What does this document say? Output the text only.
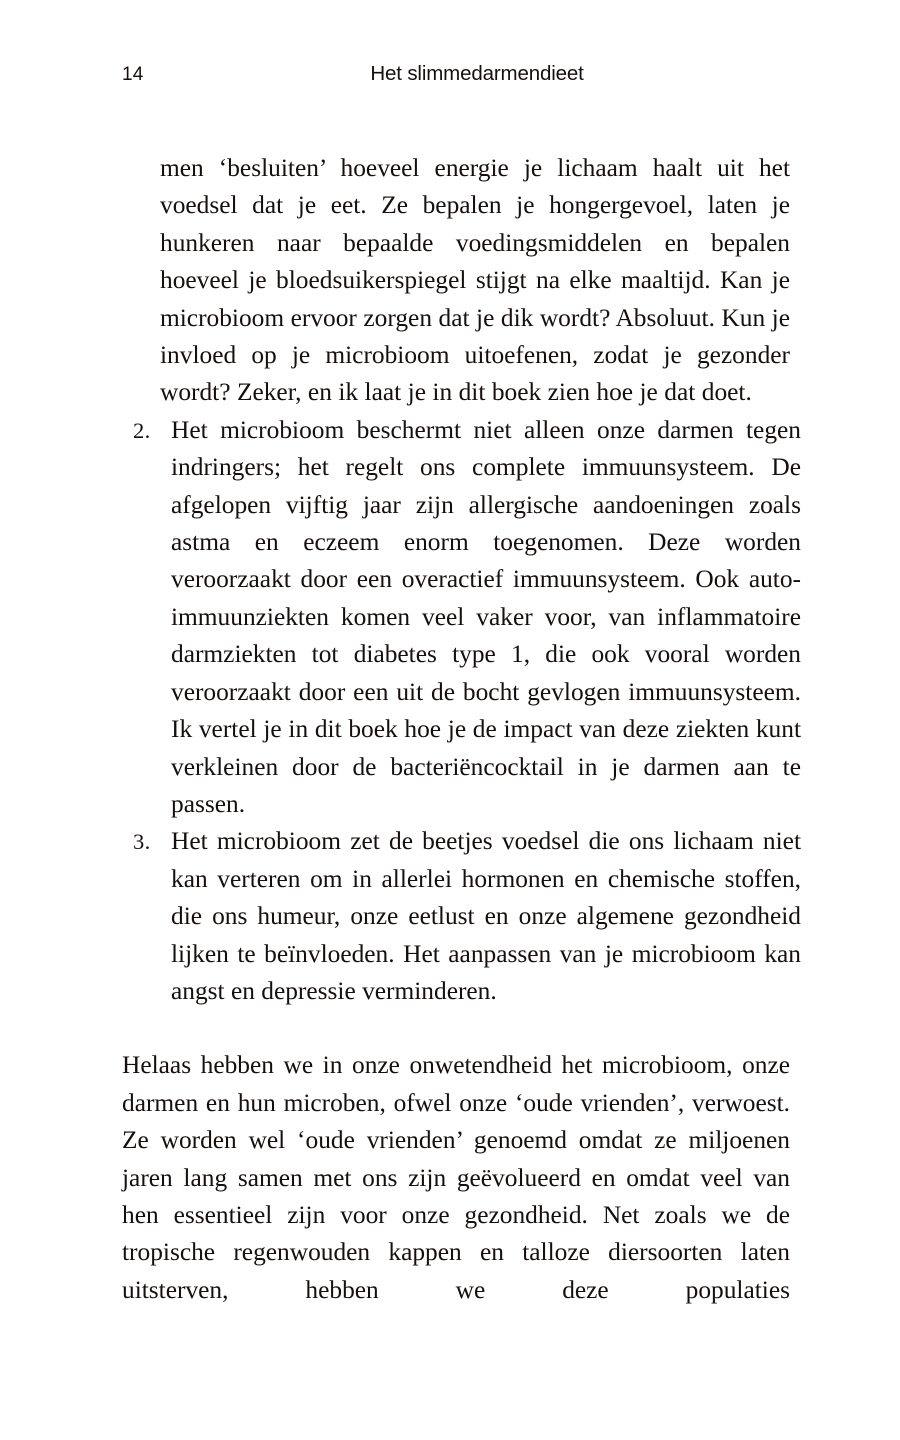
14	Het slimmedarmendieet

men ‘besluiten’ hoeveel energie je lichaam haalt uit het voedsel dat je eet. Ze bepalen je hongergevoel, laten je hunkeren naar bepaalde voedingsmiddelen en bepalen hoeveel je bloedsuikerspiegel stijgt na elke maaltijd. Kan je microbioom ervoor zorgen dat je dik wordt? Absoluut. Kun je invloed op je microbioom uitoefenen, zodat je gezonder wordt? Zeker, en ik laat je in dit boek zien hoe je dat doet.

2. Het microbioom beschermt niet alleen onze darmen tegen indringers; het regelt ons complete immuunsysteem. De afgelopen vijftig jaar zijn allergische aandoeningen zoals astma en eczeem enorm toegenomen. Deze worden veroorzaakt door een overactief immuunsysteem. Ook auto-immuunziekten komen veel vaker voor, van inflammatoire darmziekten tot diabetes type 1, die ook vooral worden veroorzaakt door een uit de bocht gevlogen immuunsysteem. Ik vertel je in dit boek hoe je de impact van deze ziekten kunt verkleinen door de bacteriëncocktail in je darmen aan te passen.
3. Het microbioom zet de beetjes voedsel die ons lichaam niet kan verteren om in allerlei hormonen en chemische stoffen, die ons humeur, onze eetlust en onze algemene gezondheid lijken te beïnvloeden. Het aanpassen van je microbioom kan angst en depressie verminderen.

Helaas hebben we in onze onwetendheid het microbioom, onze darmen en hun microben, ofwel onze ‘oude vrienden’, verwoest. Ze worden wel ‘oude vrienden’ genoemd omdat ze miljoenen jaren lang samen met ons zijn geëvolueerd en omdat veel van hen essentieel zijn voor onze gezondheid. Net zoals we de tropische regenwouden kappen en talloze diersoorten laten uitsterven, hebben we deze populaties
